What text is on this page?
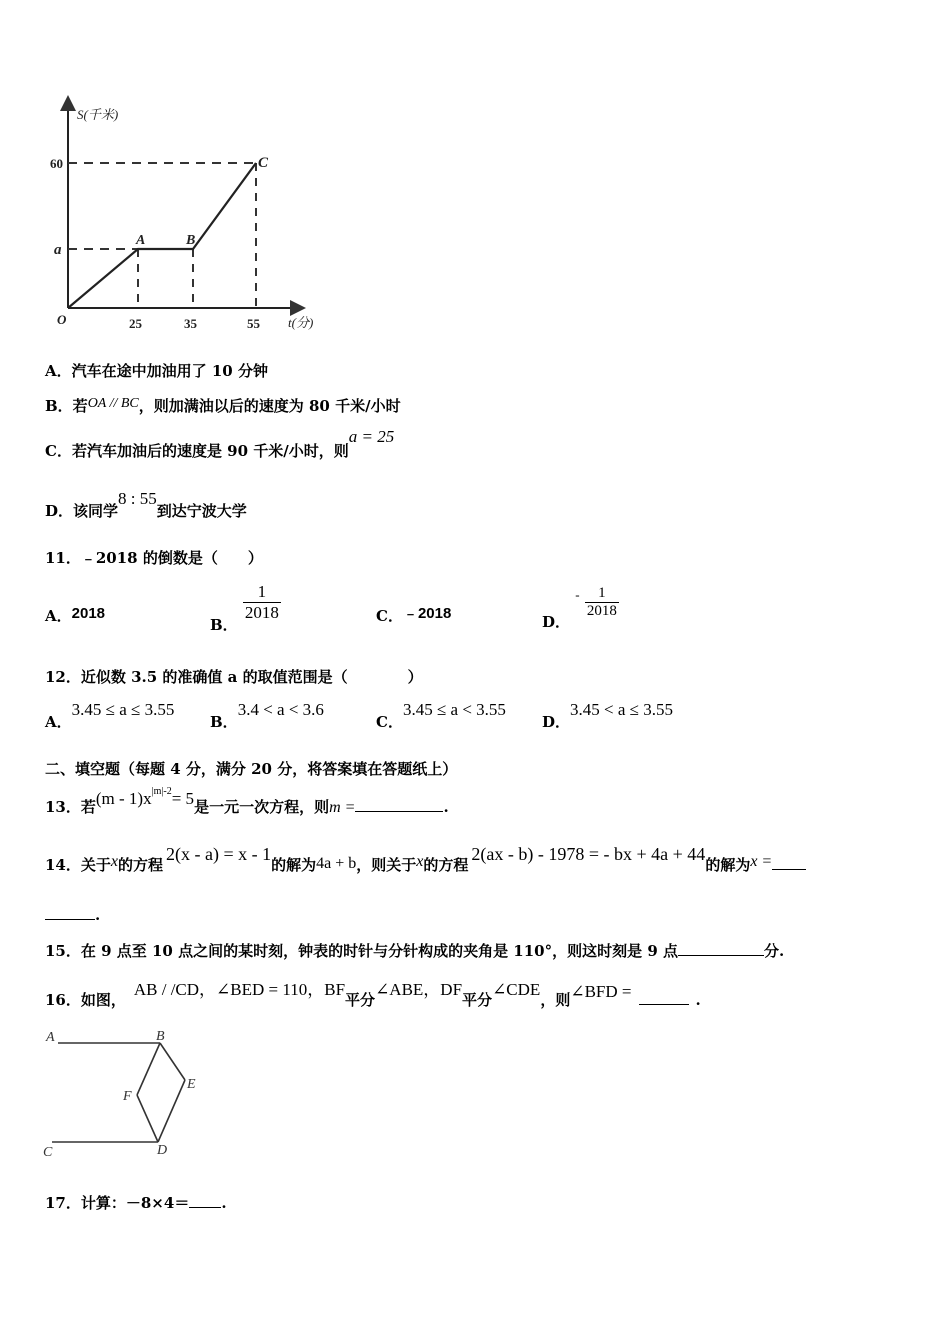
S(千米)
t(分)
60
a
O	25	35	55
A	B
C
A．汽车在途中加油用了 10 分钟
B．若OA // BC，则加满油以后的速度为 80 千米/小时
C．若汽车加油后的速度是 90 千米/小时，则a = 25
D．该同学8 : 55到达宁波大学
11．﹣2018 的倒数是（　　）
A．2018
B．
$\frac{1}{2018}$	C．﹣2018	D． - $\frac{1}{2018}$
12．近似数 3.5 的准确值 a 的取值范围是（　　　　）
A．3.45 ≤ a ≤ 3.55
B．3.4 < a < 3.6
C．3.45 ≤ a < 3.55
D．3.45 < a ≤ 3.55
二、填空题（每题 4 分，满分 20 分，将答案填在答题纸上）
13．若$(m - 1)x^{|m|-2}= 5$是一元一次方程，则m =	.
14．关于x的方程2(x - a) = x - 1的解为4a + b，则关于x的方程2(ax - b) - 1978 = - bx + 4a + 44的解为x =
.
15．在 9 点至 10 点之间的某时刻，钟表的时针与分针构成的夹角是 110°，则这时刻是 9 点	分.
16．如图，AB / /CD，∠BED = 110，BF平分∠ABE，DF平分∠CDE，则∠BFD =	.
A	B
C	D
E
F
17．计算：－8×4＝ .
